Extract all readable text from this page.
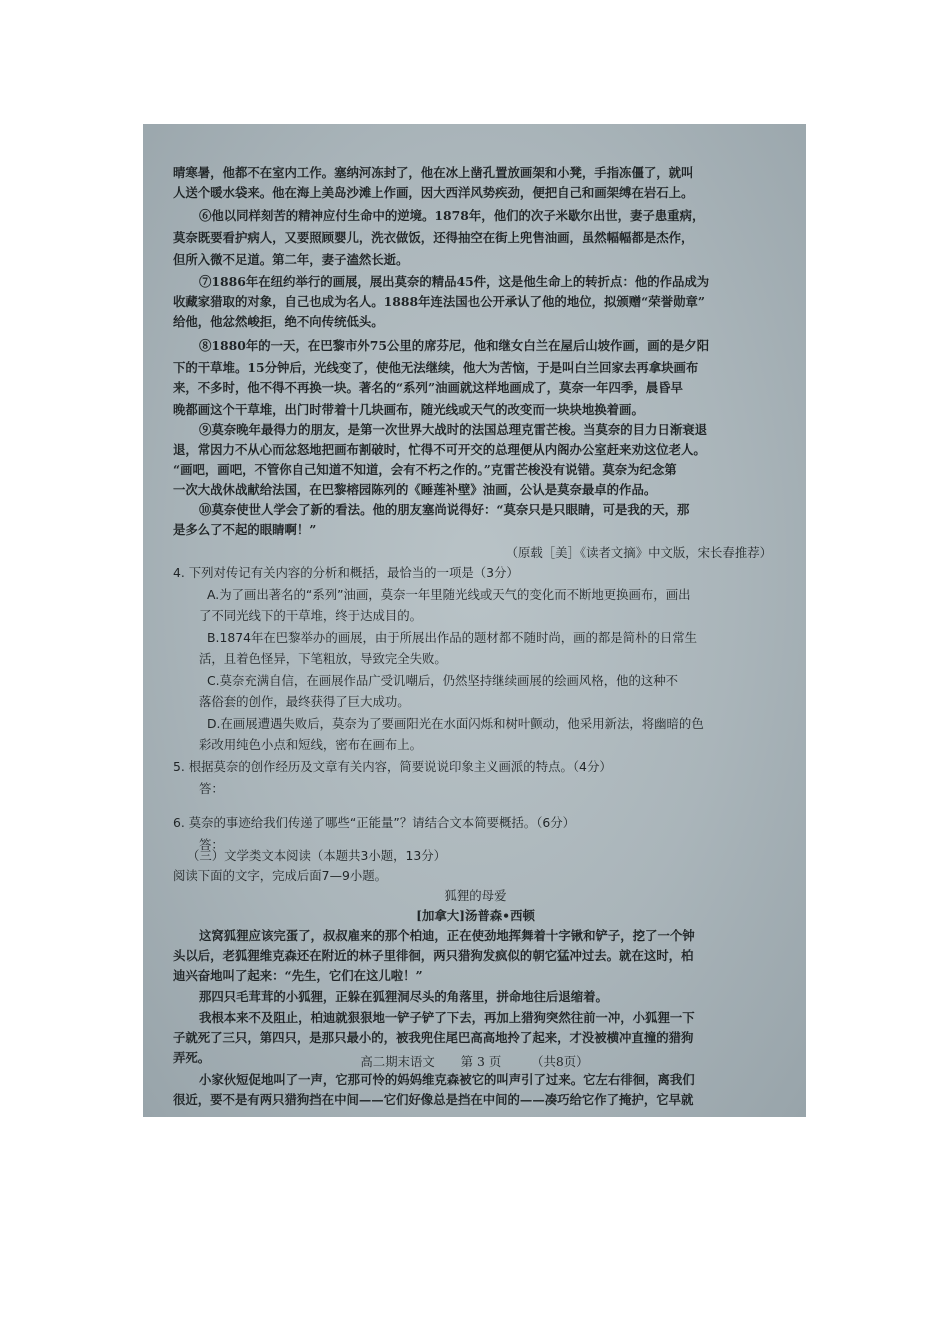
晴寒暑，他都不在室内工作。塞纳河冻封了，他在冰上凿孔置放画架和小凳，手指冻僵了，就叫
人送个暖水袋来。他在海上美岛沙滩上作画，因大西洋风势疾劲，便把自己和画架缚在岩石上。
⑥他以同样刻苦的精神应付生命中的逆境。1878年，他们的次子米歇尔出世，妻子患重病，
莫奈既要看护病人，又要照顾婴儿，洗衣做饭，还得抽空在街上兜售油画，虽然幅幅都是杰作，
但所入微不足道。第二年，妻子溘然长逝。
⑦1886年在纽约举行的画展，展出莫奈的精品45件，这是他生命上的转折点：他的作品成为
收藏家猎取的对象，自己也成为名人。1888年连法国也公开承认了他的地位，拟颁赠“荣誉勋章”
给他，他忿然峻拒，绝不向传统低头。
⑧1880年的一天，在巴黎市外75公里的席芬尼，他和继女白兰在屋后山坡作画，画的是夕阳
下的干草堆。15分钟后，光线变了，使他无法继续，他大为苦恼，于是叫白兰回家去再拿块画布
来，不多时，他不得不再换一块。著名的“系列”油画就这样地画成了，莫奈一年四季，晨昏早
晚都画这个干草堆，出门时带着十几块画布，随光线或天气的改变而一块块地换着画。
⑨莫奈晚年最得力的朋友，是第一次世界大战时的法国总理克雷芒梭。当莫奈的目力日渐衰退
退，常因力不从心而忿怒地把画布割破时，忙得不可开交的总理便从内阁办公室赶来劝这位老人。
“画吧，画吧，不管你自己知道不知道，会有不朽之作的。”克雷芒梭没有说错。莫奈为纪念第
一次大战休战献给法国，在巴黎榕园陈列的《睡莲补壁》油画，公认是莫奈最卓的作品。
⑩莫奈使世人学会了新的看法。他的朋友塞尚说得好：“莫奈只是只眼睛，可是我的天，那
是多么了不起的眼睛啊！”
（原载［美］《读者文摘》中文版，宋长春推荐）
4. 下列对传记有关内容的分析和概括，最恰当的一项是（3分）
A.为了画出著名的“系列”油画，莫奈一年里随光线或天气的变化而不断地更换画布，画出
了不同光线下的干草堆，终于达成目的。
B.1874年在巴黎举办的画展，由于所展出作品的题材都不随时尚，画的都是简朴的日常生
活，且着色怪异，下笔粗放，导致完全失败。
C.莫奈充满自信，在画展作品广受讥嘲后，仍然坚持继续画展的绘画风格，他的这种不
落俗套的创作，最终获得了巨大成功。
D.在画展遭遇失败后，莫奈为了要画阳光在水面闪烁和树叶颤动，他采用新法，将幽暗的色
彩改用纯色小点和短线，密布在画布上。
5. 根据莫奈的创作经历及文章有关内容，简要说说印象主义画派的特点。（4分）
答：
6. 莫奈的事迹给我们传递了哪些“正能量”？请结合文本简要概括。（6分）
答：
（三）文学类文本阅读（本题共3小题，13分）
阅读下面的文字，完成后面7—9小题。
狐狸的母爱
[加拿大]汤普森•西顿
这窝狐狸应该完蛋了，叔叔雇来的那个柏迪，正在使劲地挥舞着十字锹和铲子，挖了一个钟
头以后，老狐狸维克森还在附近的林子里徘徊，两只猎狗发疯似的朝它猛冲过去。就在这时，柏
迪兴奋地叫了起来：“先生，它们在这儿啦！”
那四只毛茸茸的小狐狸，正躲在狐狸洞尽头的角落里，拼命地往后退缩着。
我根本来不及阻止，柏迪就狠狠地一铲子铲了下去，再加上猎狗突然往前一冲，小狐狸一下
子就死了三只，第四只，是那只最小的，被我兜住尾巴高高地拎了起来，才没被横冲直撞的猎狗
弄死。
小家伙短促地叫了一声，它那可怜的妈妈维克森被它的叫声引了过来。它左右徘徊，离我们
很近，要不是有两只猎狗挡在中间——它们好像总是挡在中间的——凑巧给它作了掩护，它早就
高二期末语文 第 3 页 （共8页）
